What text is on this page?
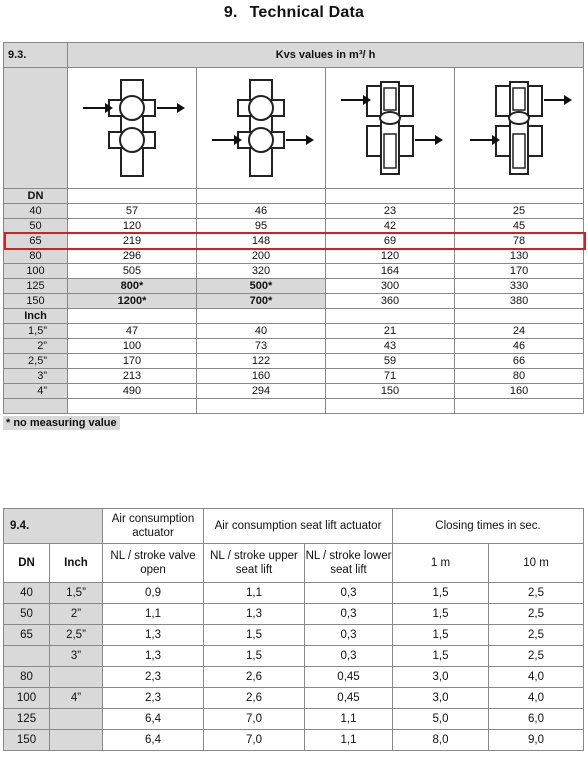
9. Technical Data
9.3.	Kvs values in m³/ h			

DN				
40	57	46	23	25
50	120	95	42	45
65	219	148	69	78
80	296	200	120	130
100	505	320	164	170
125	800*	500*	300	330
150	1200*	700*	360	380
Inch				
1,5”	47	40	21	24
2”	100	73	43	46
2,5”	170	122	59	66
3”	213	160	71	80
4”	490	294	150	160

* no measuring value
9.4.		Air consumption actuator	Air consumption seat lift actuator		Closing times in sec.	
DN	Inch	NL / stroke valve open	NL / stroke upper seat lift	NL / stroke lower seat lift	1 m	10 m
40	1,5”	0,9	1,1	0,3	1,5	2,5
50	2”	1,1	1,3	0,3	1,5	2,5
65	2,5”	1,3	1,5	0,3	1,5	2,5
	3”	1,3	1,5	0,3	1,5	2,5
80		2,3	2,6	0,45	3,0	4,0
100	4”	2,3	2,6	0,45	3,0	4,0
125		6,4	7,0	1,1	5,0	6,0
150		6,4	7,0	1,1	8,0	9,0
